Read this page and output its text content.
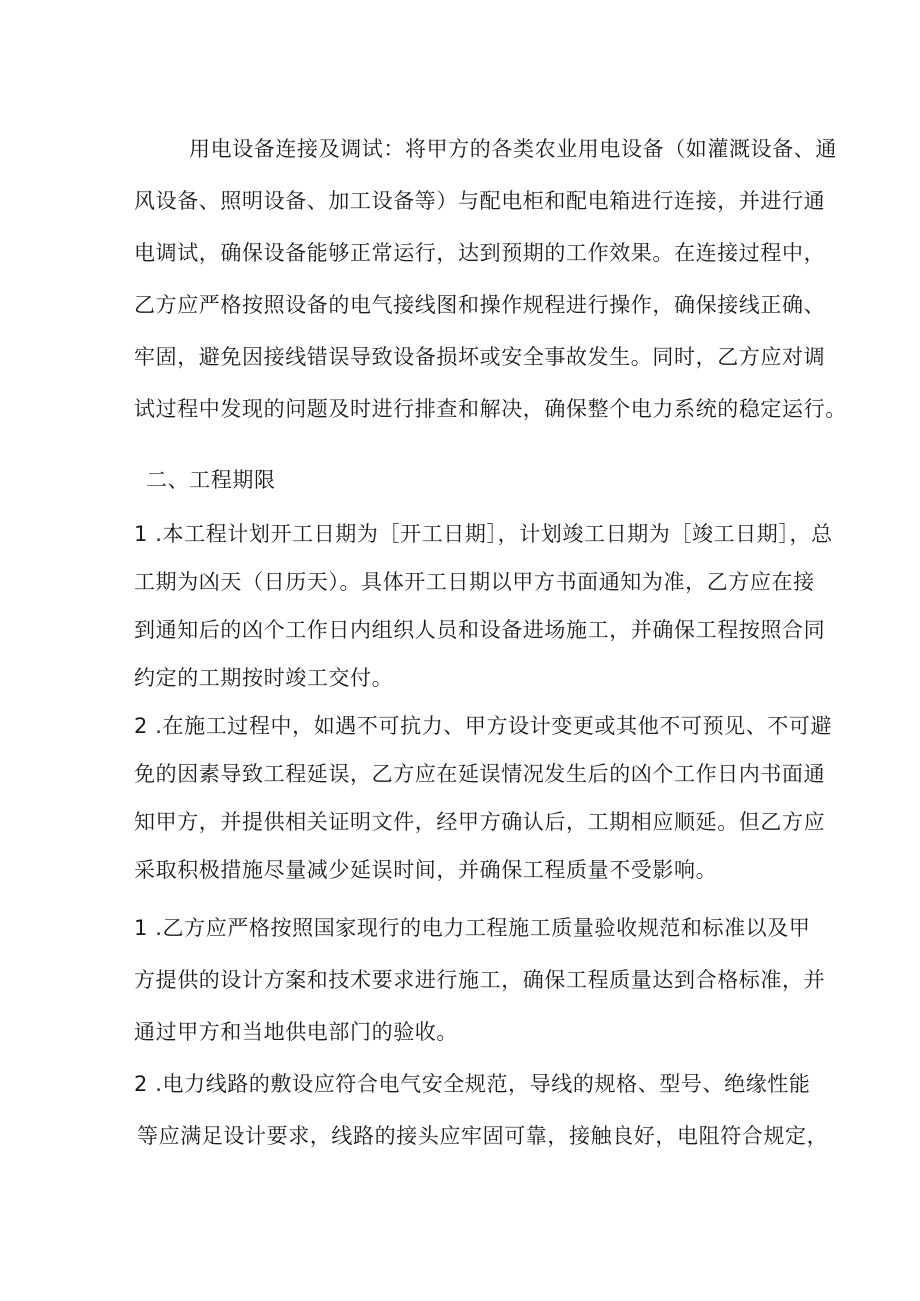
用电设备连接及调试：将甲方的各类农业用电设备（如灌溉设备、通

风设备、照明设备、加工设备等）与配电柜和配电箱进行连接，并进行通

电调试，确保设备能够正常运行，达到预期的工作效果。在连接过程中，

乙方应严格按照设备的电气接线图和操作规程进行操作，确保接线正确、

牢固，避免因接线错误导致设备损坏或安全事故发生。同时，乙方应对调

试过程中发现的问题及时进行排查和解决，确保整个电力系统的稳定运行。

二、工程期限

1 .本工程计划开工日期为［开工日期］，计划竣工日期为［竣工日期］，总

工期为凶天（日历天）。具体开工日期以甲方书面通知为准，乙方应在接

到通知后的凶个工作日内组织人员和设备进场施工，并确保工程按照合同

约定的工期按时竣工交付。

2 .在施工过程中，如遇不可抗力、甲方设计变更或其他不可预见、不可避

免的因素导致工程延误，乙方应在延误情况发生后的凶个工作日内书面通

知甲方，并提供相关证明文件，经甲方确认后，工期相应顺延。但乙方应

采取积极措施尽量减少延误时间，并确保工程质量不受影响。

1 .乙方应严格按照国家现行的电力工程施工质量验收规范和标准以及甲

方提供的设计方案和技术要求进行施工，确保工程质量达到合格标准，并

通过甲方和当地供电部门的验收。

2 .电力线路的敷设应符合电气安全规范，导线的规格、型号、绝缘性能

等应满足设计要求，线路的接头应牢固可靠，接触良好，电阻符合规定，
